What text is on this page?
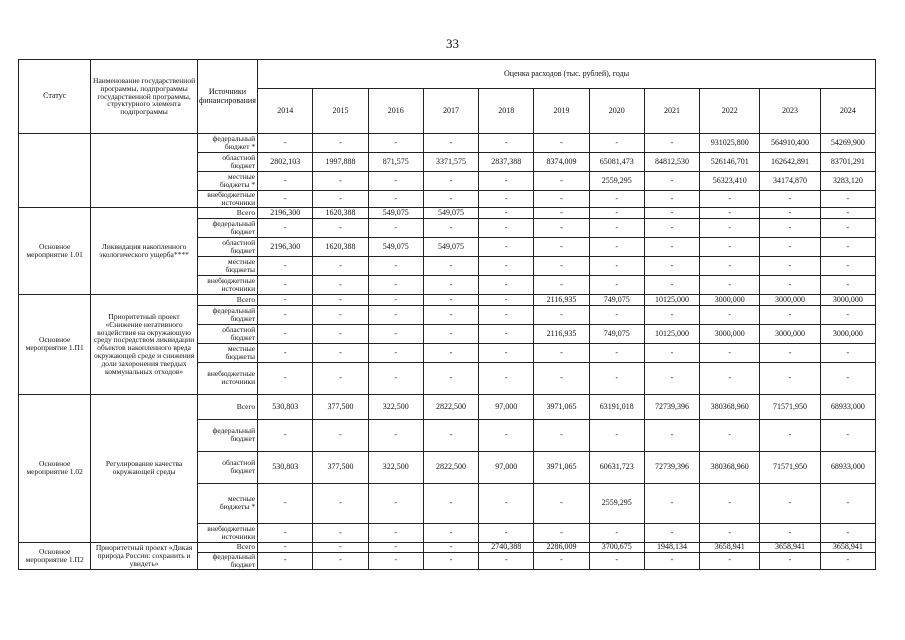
33
Статус	Наименование государственной программы, подпрограммы государственной программы, структурного элемента подпрограммы	Источники финансирования	Оценка расходов (тыс. рублей), годы										
			2014	2015	2016	2017	2018	2019	2020	2021	2022	2023	2024
		федеральный бюджет *	-	-	-	-	-	-	-	-	931025,800	564910,400	54269,900
		областной бюджет	2802,103	1997,888	871,575	3371,575	2837,388	8374,009	65081,473	84812,530	526146,701	162642,891	83701,291
		местные бюджеты *	-	-	-	-	-	-	2559,295	-	56323,410	34174,870	3283,120
		внебюджетные источники	-	-	-	-	-	-	-	-	-	-	-
Основное мероприятие 1.01	Ликвидация накопленного экологического ущерба****	Всего	2196,300	1620,388	549,075	549,075	-	-	-	-	-	-	-
		федеральный бюджет	-	-	-	-	-	-	-	-	-	-	-
		областной бюджет	2196,300	1620,388	549,075	549,075	-	-	-	-	-	-	-
		местные бюджеты	-	-	-	-	-	-	-	-	-	-	-
		внебюджетные источники	-	-	-	-	-	-	-	-	-	-	-
Основное мероприятие 1.П1	Приоритетный проект «Снижение негативного воздействия на окружающую среду посредством ликвидации объектов накопленного вреда окружающей среде и снижения доли захоронения твердых коммунальных отходов»	Всего	-	-	-	-	-	2116,935	749,075	10125,000	3000,000	3000,000	3000,000
		федеральный бюджет	-	-	-	-	-	-	-	-	-	-	-
		областной бюджет	-	-	-	-	-	2116,935	749,075	10125,000	3000,000	3000,000	3000,000
		местные бюджеты	-	-	-	-	-	-	-	-	-	-	-
		внебюджетные источники	-	-	-	-	-	-	-	-	-	-	-
Основное мероприятие 1.02	Регулирование качества окружающей среды	Всего	530,803	377,500	322,500	2822,500	97,000	3971,065	63191,018	72739,396	380368,960	71571,950	68933,000
		федеральный бюджет	-	-	-	-	-	-	-	-	-	-	-
		областной бюджет	530,803	377,500	322,500	2822,500	97,000	3971,065	60631,723	72739,396	380368,960	71571,950	68933,000
		местные бюджеты *	-	-	-	-	-	-	2559,295	-	-	-	-
		внебюджетные источники	-	-	-	-	-	-	-	-	-	-	-
Основное мероприятие 1.П2	Приоритетный проект «Дикая природа России: сохранить и увидеть»	Всего	-	-	-	-	2740,388	2286,009	3700,675	1948,134	3658,941	3658,941	3658,941
		федеральный бюджет	-	-	-	-	-	-	-	-	-	-	-
